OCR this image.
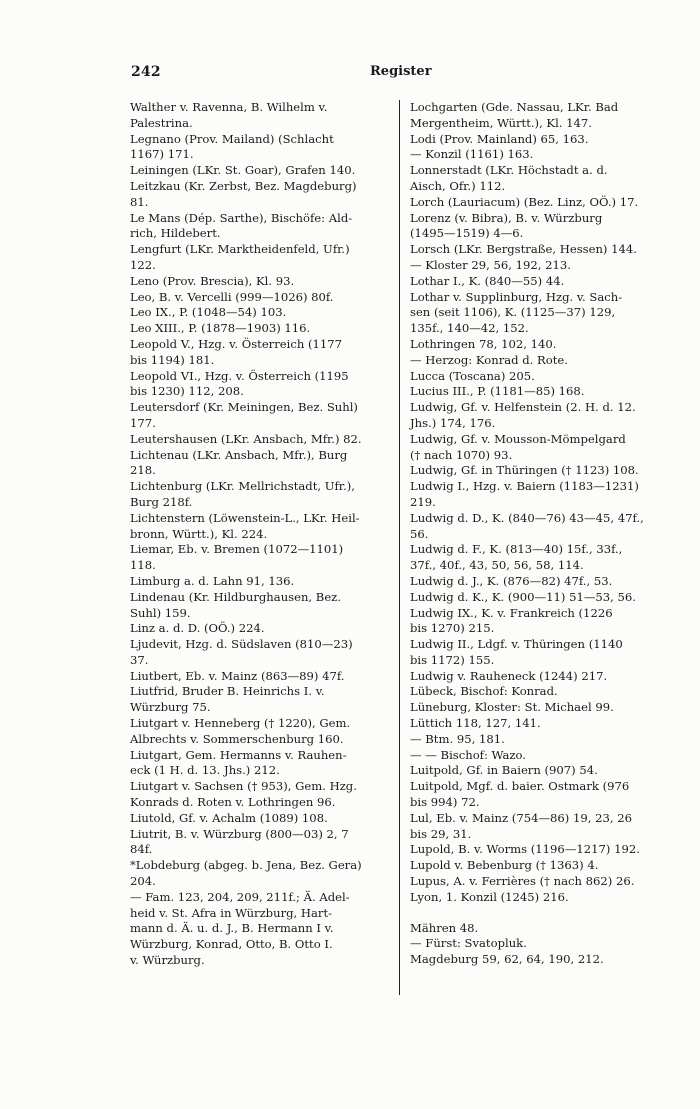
242	Register

Walther v. Ravenna, B. Wilhelm v.
Palestrina.

Legnano (Prov. Mailand) (Schlacht
1167) 171.

Leiningen (LKr. St. Goar), Grafen 140.

Leitzkau (Kr. Zerbst, Bez. Magdeburg)
81.

Le Mans (Dép. Sarthe), Bischöfe: Ald-
rich, Hildebert.

Lengfurt (LKr. Marktheidenfeld, Ufr.)
122.

Leno (Prov. Brescia), Kl. 93.

Leo, B. v. Vercelli (999—1026) 80f.

Leo IX., P. (1048—54) 103.

Leo XIII., P. (1878—1903) 116.

Leopold V., Hzg. v. Österreich (1177
bis 1194) 181.

Leopold VI., Hzg. v. Österreich (1195
bis 1230) 112, 208.

Leutersdorf (Kr. Meiningen, Bez. Suhl)
177.

Leutershausen (LKr. Ansbach, Mfr.) 82.

Lichtenau (LKr. Ansbach, Mfr.), Burg
218.

Lichtenburg (LKr. Mellrichstadt, Ufr.),
Burg 218f.

Lichtenstern (Löwenstein-L., LKr. Heil-
bronn, Württ.), Kl. 224.

Liemar, Eb. v. Bremen (1072—1101)
118.

Limburg a. d. Lahn 91, 136.

Lindenau (Kr. Hildburghausen, Bez.
Suhl) 159.

Linz a. d. D. (OÖ.) 224.

Ljudevit, Hzg. d. Südslaven (810—23)
37.

Liutbert, Eb. v. Mainz (863—89) 47f.

Liutfrid, Bruder B. Heinrichs I. v.
Würzburg 75.

Liutgart v. Henneberg († 1220), Gem.
Albrechts v. Sommerschenburg 160.

Liutgart, Gem. Hermanns v. Rauhen-
eck (1 H. d. 13. Jhs.) 212.

Liutgart v. Sachsen († 953), Gem. Hzg.
Konrads d. Roten v. Lothringen 96.

Liutold, Gf. v. Achalm (1089) 108.

Liutrit, B. v. Würzburg (800—03) 2, 7
84f.

*Lobdeburg (abgeg. b. Jena, Bez. Gera)
204.

— Fam. 123, 204, 209, 211f.; Ä. Adel-
heid v. St. Afra in Würzburg, Hart-
mann d. Ä. u. d. J., B. Hermann I v.
Würzburg, Konrad, Otto, B. Otto I.
v. Würzburg.

Lochgarten (Gde. Nassau, LKr. Bad
Mergentheim, Württ.), Kl. 147.

Lodi (Prov. Mainland) 65, 163.

— Konzil (1161) 163.

Lonnerstadt (LKr. Höchstadt a. d.
Aisch, Ofr.) 112.

Lorch (Lauriacum) (Bez. Linz, OÖ.) 17.

Lorenz (v. Bibra), B. v. Würzburg
(1495—1519) 4—6.

Lorsch (LKr. Bergstraße, Hessen) 144.

— Kloster 29, 56, 192, 213.

Lothar I., K. (840—55) 44.

Lothar v. Supplinburg, Hzg. v. Sach-
sen (seit 1106), K. (1125—37) 129,
135f., 140—42, 152.

Lothringen 78, 102, 140.

— Herzog: Konrad d. Rote.

Lucca (Toscana) 205.

Lucius III., P. (1181—85) 168.

Ludwig, Gf. v. Helfenstein (2. H. d. 12.
Jhs.) 174, 176.

Ludwig, Gf. v. Mousson-Mömpelgard
(† nach 1070) 93.

Ludwig, Gf. in Thüringen († 1123) 108.

Ludwig I., Hzg. v. Baiern (1183—1231)
219.

Ludwig d. D., K. (840—76) 43—45, 47f.,
56.

Ludwig d. F., K. (813—40) 15f., 33f.,
37f., 40f., 43, 50, 56, 58, 114.

Ludwig d. J., K. (876—82) 47f., 53.

Ludwig d. K., K. (900—11) 51—53, 56.

Ludwig IX., K. v. Frankreich (1226
bis 1270) 215.

Ludwig II., Ldgf. v. Thüringen (1140
bis 1172) 155.

Ludwig v. Rauheneck (1244) 217.

Lübeck, Bischof: Konrad.

Lüneburg, Kloster: St. Michael 99.

Lüttich 118, 127, 141.

— Btm. 95, 181.

— — Bischof: Wazo.

Luitpold, Gf. in Baiern (907) 54.

Luitpold, Mgf. d. baier. Ostmark (976
bis 994) 72.

Lul, Eb. v. Mainz (754—86) 19, 23, 26
bis 29, 31.

Lupold, B. v. Worms (1196—1217) 192.

Lupold v. Bebenburg († 1363) 4.

Lupus, A. v. Ferrières († nach 862) 26.

Lyon, 1. Konzil (1245) 216.

Mähren 48.

— Fürst: Svatopluk.

Magdeburg 59, 62, 64, 190, 212.
